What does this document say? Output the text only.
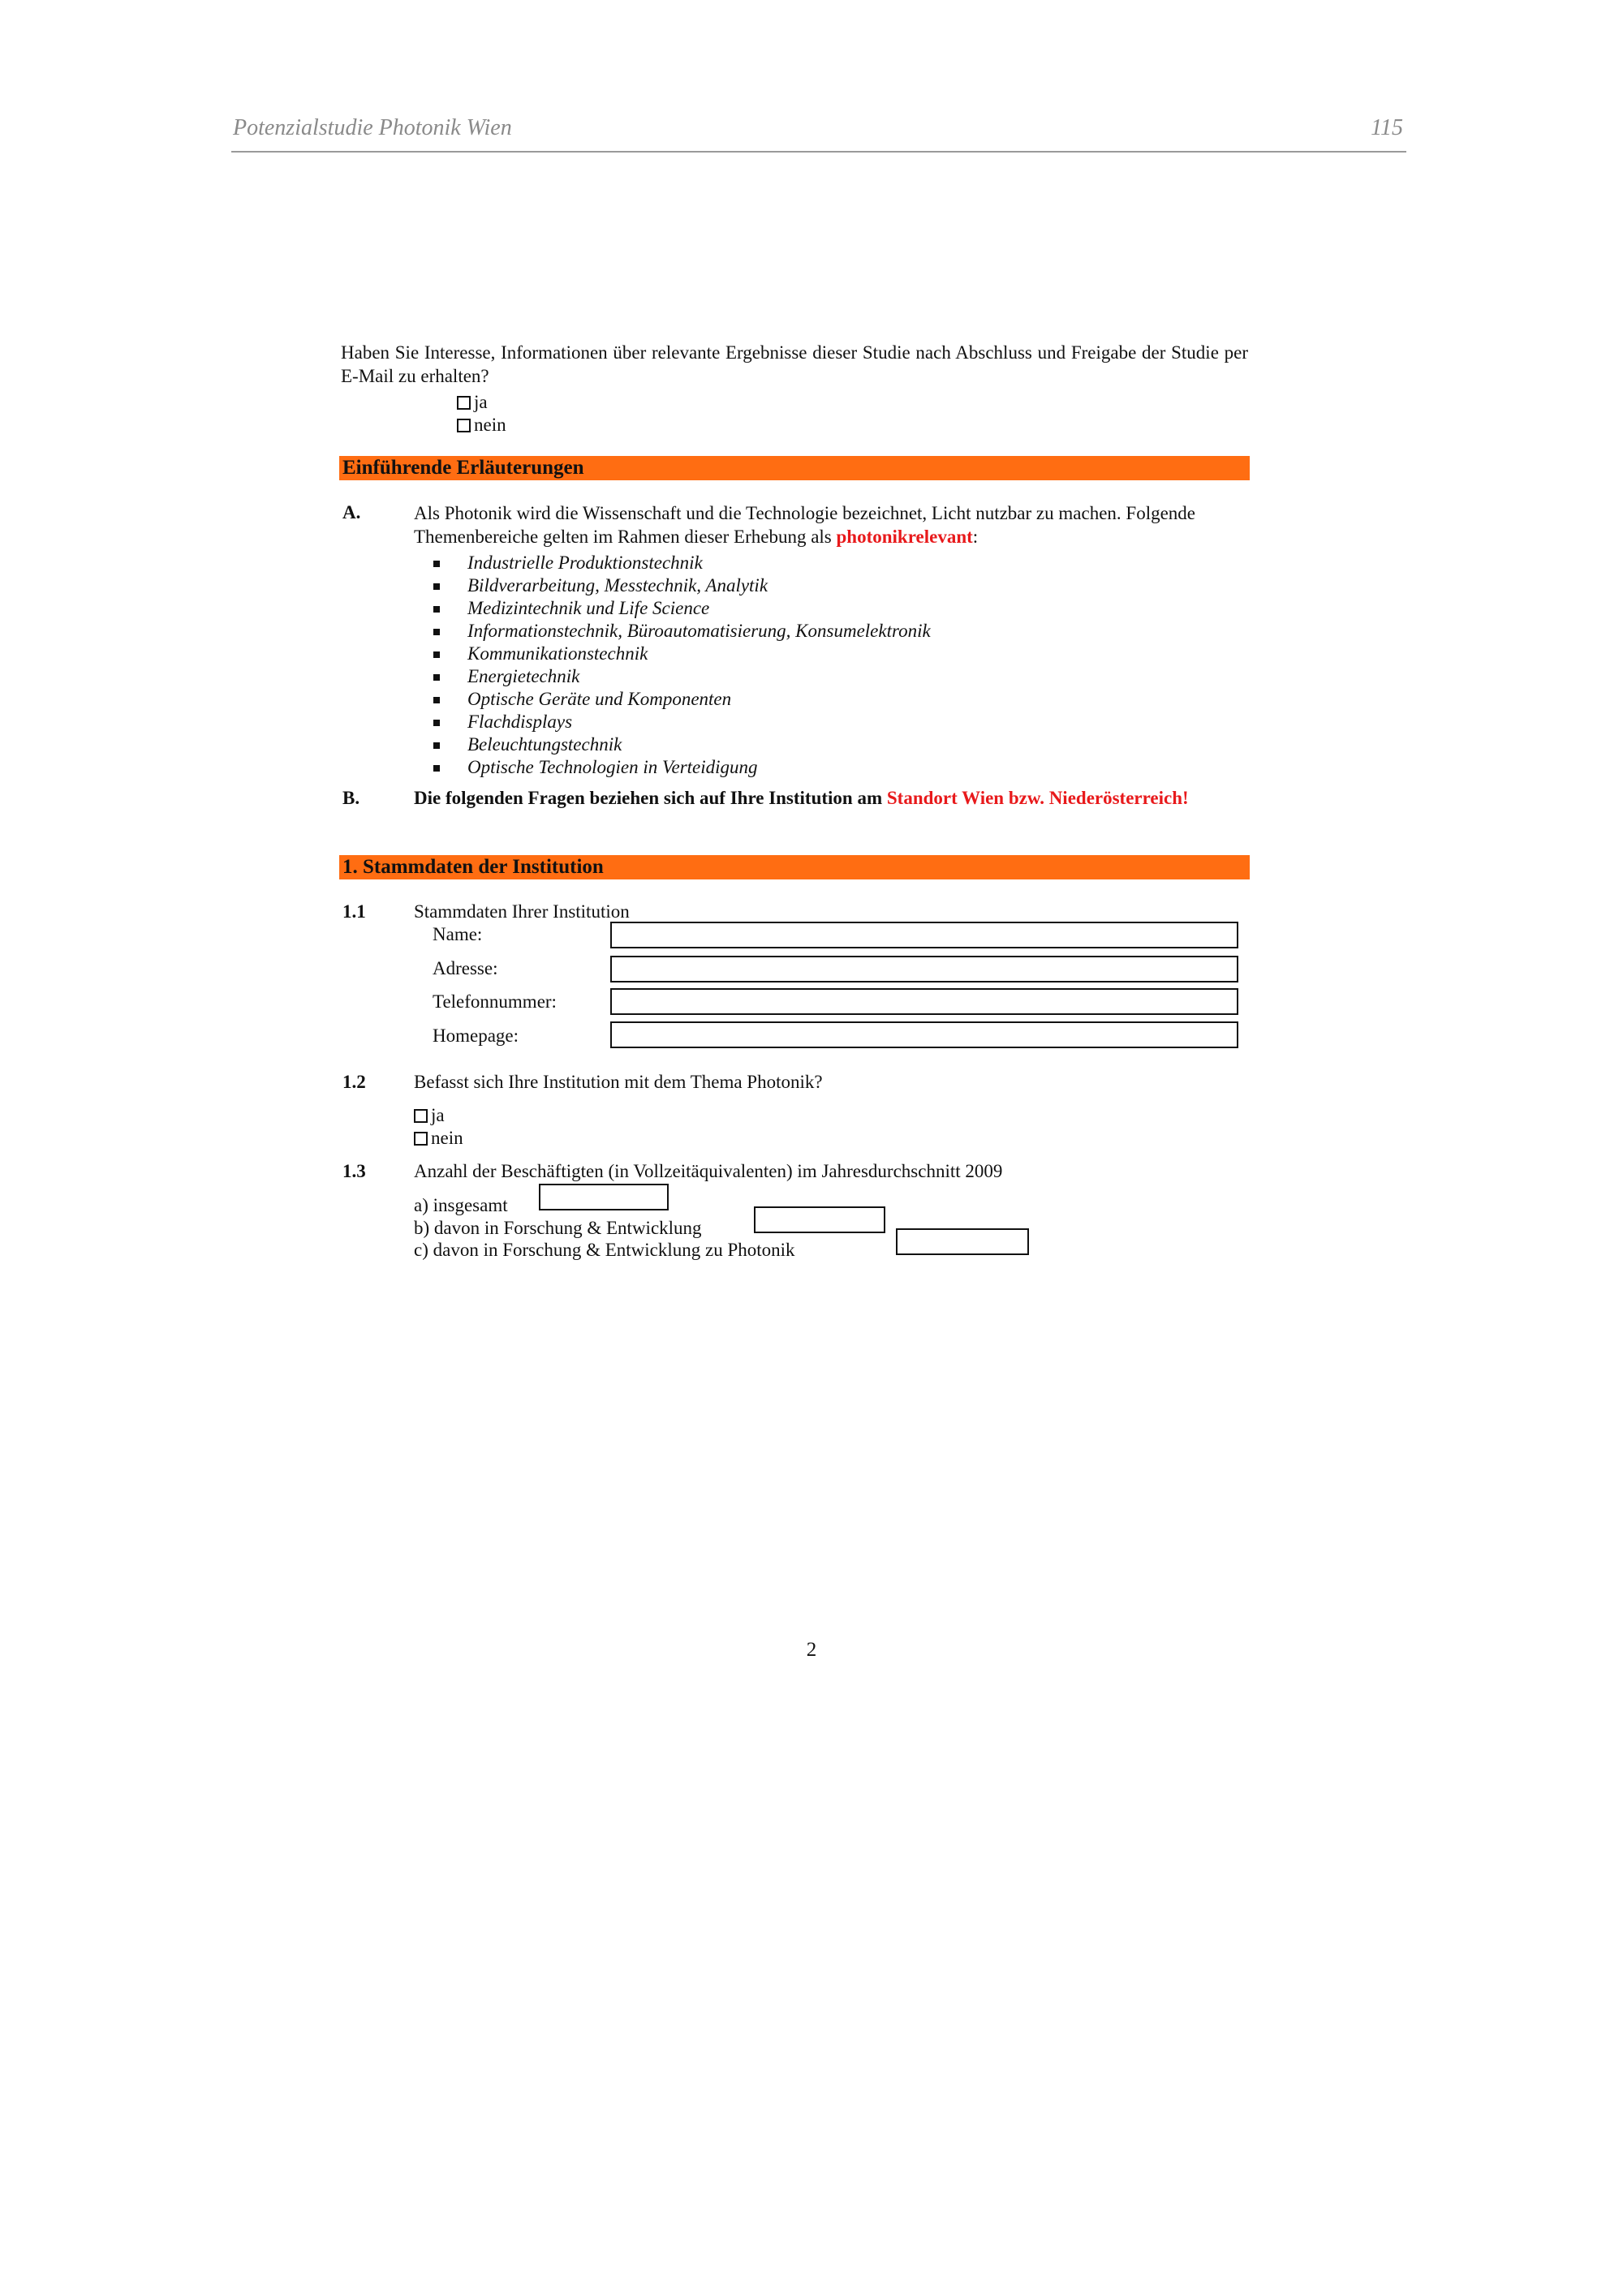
Potenzialstudie Photonik Wien	115
Haben Sie Interesse, Informationen über relevante Ergebnisse dieser Studie nach Abschluss und Freigabe der Studie per E-Mail zu erhalten?
ja
nein
Einführende Erläuterungen
A.	Als Photonik wird die Wissenschaft und die Technologie bezeichnet, Licht nutzbar zu machen. Folgende Themenbereiche gelten im Rahmen dieser Erhebung als photonikrelevant:
Industrielle Produktionstechnik
Bildverarbeitung, Messtechnik, Analytik
Medizintechnik und Life Science
Informationstechnik, Büroautomatisierung, Konsumelektronik
Kommunikationstechnik
Energietechnik
Optische Geräte und Komponenten
Flachdisplays
Beleuchtungstechnik
Optische Technologien in Verteidigung
B.	Die folgenden Fragen beziehen sich auf Ihre Institution am Standort Wien bzw. Niederösterreich!
1. Stammdaten der Institution
1.1	Stammdaten Ihrer Institution
Name:
Adresse:
Telefonnummer:
Homepage:
1.2	Befasst sich Ihre Institution mit dem Thema Photonik?
ja
nein
1.3	Anzahl der Beschäftigten (in Vollzeitäquivalenten) im Jahresdurchschnitt 2009
a) insgesamt
b) davon in Forschung & Entwicklung
c) davon in Forschung & Entwicklung zu Photonik
2
